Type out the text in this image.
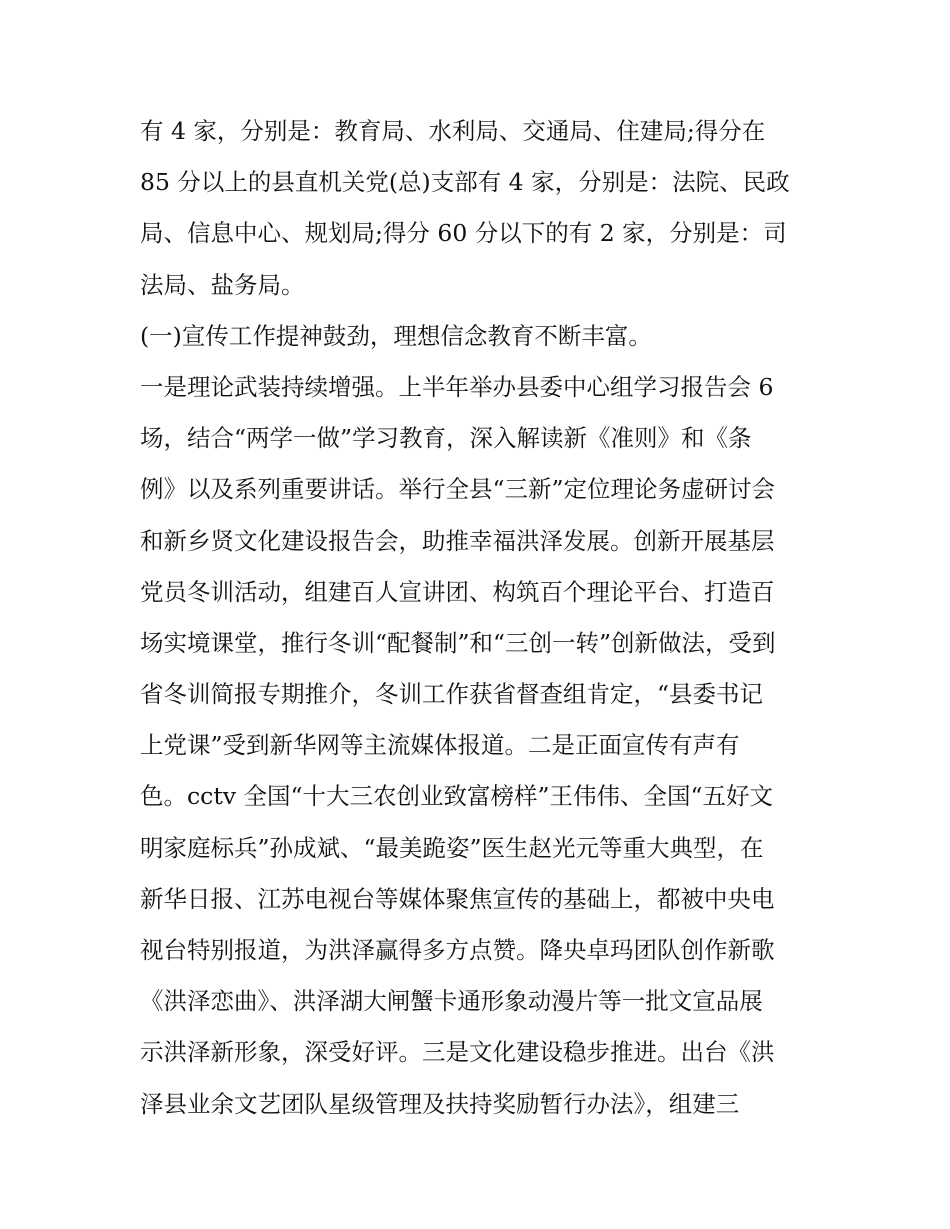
有 4 家，分别是：教育局、水利局、交通局、住建局;得分在
85 分以上的县直机关党(总)支部有 4 家，分别是：法院、民政
局、信息中心、规划局;得分 60 分以下的有 2 家，分别是：司
法局、盐务局。
(一)宣传工作提神鼓劲，理想信念教育不断丰富。
一是理论武装持续增强。上半年举办县委中心组学习报告会 6
场，结合“两学一做”学习教育，深入解读新《准则》和《条
例》以及系列重要讲话。举行全县“三新”定位理论务虚研讨会
和新乡贤文化建设报告会，助推幸福洪泽发展。创新开展基层
党员冬训活动，组建百人宣讲团、构筑百个理论平台、打造百
场实境课堂，推行冬训“配餐制”和“三创一转”创新做法，受到
省冬训简报专期推介，冬训工作获省督查组肯定，“县委书记
上党课”受到新华网等主流媒体报道。二是正面宣传有声有
色。cctv 全国“十大三农创业致富榜样”王伟伟、全国“五好文
明家庭标兵”孙成斌、“最美跪姿”医生赵光元等重大典型，在
新华日报、江苏电视台等媒体聚焦宣传的基础上，都被中央电
视台特别报道，为洪泽赢得多方点赞。降央卓玛团队创作新歌
《洪泽恋曲》、洪泽湖大闸蟹卡通形象动漫片等一批文宣品展
示洪泽新形象，深受好评。三是文化建设稳步推进。出台《洪
泽县业余文艺团队星级管理及扶持奖励暂行办法》，组建三
